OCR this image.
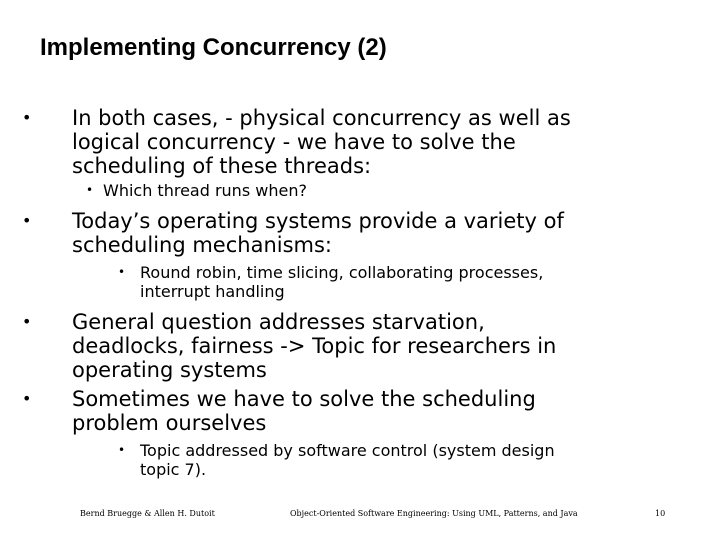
Implementing Concurrency (2)
• In both cases, - physical concurrency as well as
logical concurrency - we have to solve the
scheduling of these threads:
• Which thread runs when?
• Today’s operating systems provide a variety of
scheduling mechanisms:
• Round robin, time slicing, collaborating processes,
interrupt handling
• General question addresses starvation,
deadlocks, fairness -> Topic for researchers in
operating systems
• Sometimes we have to solve the scheduling
problem ourselves
• Topic addressed by software control (system design
topic 7).
Bernd Bruegge & Allen H. Dutoit	Object-Oriented Software Engineering: Using UML, Patterns, and Java	10
